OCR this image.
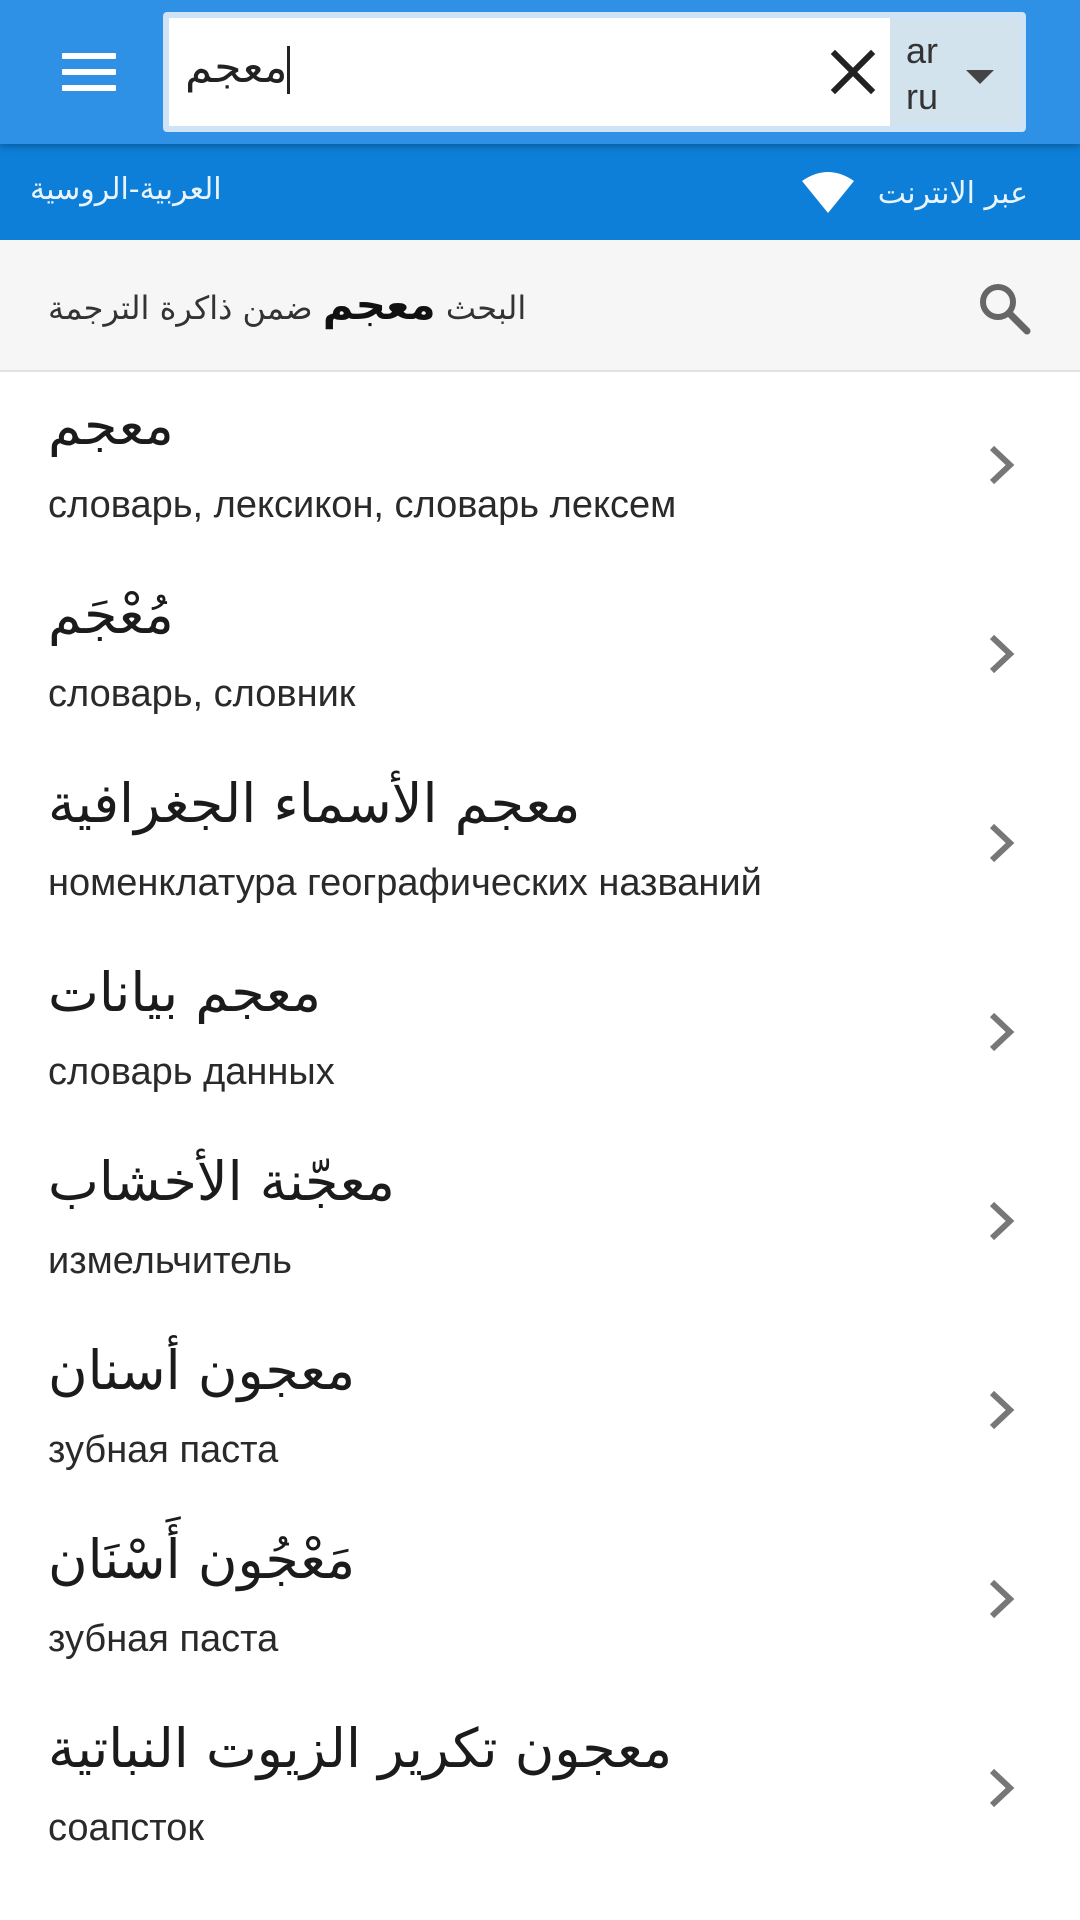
معجم	ar
ru
العربية-الروسية	عبر الانترنت
البحث معجم ضمن ذاكرة الترجمة
معجم
словарь, лексикон, словарь лексем
مُعْجَم
словарь, словник
معجم الأسماء الجغرافية
номенклатура географических названий
معجم بيانات
словарь данных
معجّنة الأخشاب
измельчитель
معجون أسنان
зубная паста
مَعْجُون أَسْنَان
зубная паста
معجون تكرير الزيوت النباتية
соапсток
